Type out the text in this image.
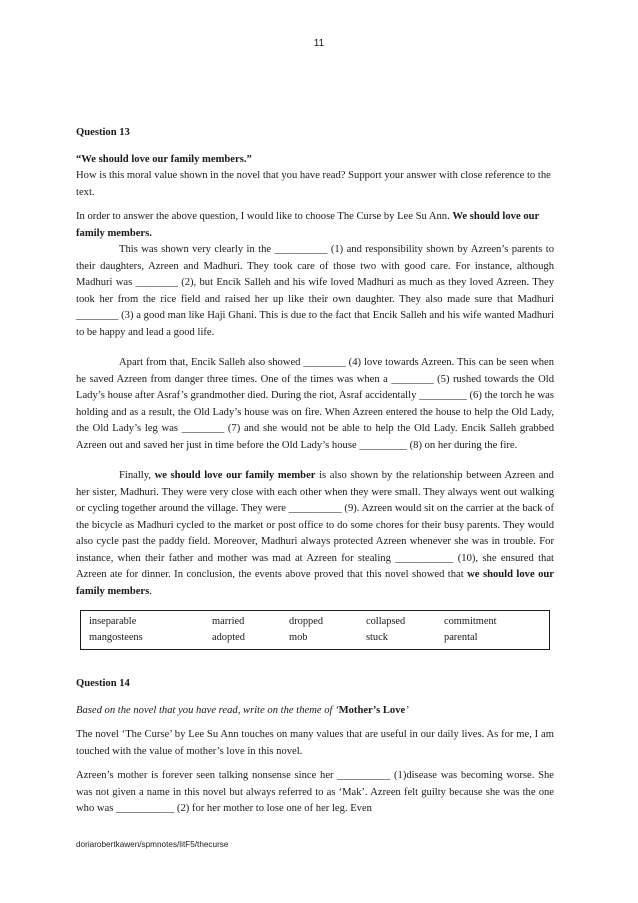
11

Question 13

“We should love our family members.”

How is this moral value shown in the novel that you have read? Support your answer with close reference to the text.

In order to answer the above question, I would like to choose The Curse by Lee Su Ann. We should love our family members.

This was shown very clearly in the __________ (1) and responsibility shown by Azreen’s parents to their daughters, Azreen and Madhuri. They took care of those two with good care. For instance, although Madhuri was ________ (2), but Encik Salleh and his wife loved Madhuri as much as they loved Azreen. They took her from the rice field and raised her up like their own daughter. They also made sure that Madhuri ________ (3) a good man like Haji Ghani. This is due to the fact that Encik Salleh and his wife wanted Madhuri to be happy and lead a good life.

Apart from that, Encik Salleh also showed ________ (4) love towards Azreen. This can be seen when he saved Azreen from danger three times. One of the times was when a ________ (5) rushed towards the Old Lady’s house after Asraf’s grandmother died. During the riot, Asraf accidentally _________ (6) the torch he was holding and as a result, the Old Lady’s house was on fire. When Azreen entered the house to help the Old Lady, the Old Lady’s leg was ________ (7) and she would not be able to help the Old Lady. Encik Salleh grabbed Azreen out and saved her just in time before the Old Lady’s house _________ (8) on her during the fire.

Finally, we should love our family member is also shown by the relationship between Azreen and her sister, Madhuri. They were very close with each other when they were small. They always went out walking or cycling together around the village. They were __________ (9). Azreen would sit on the carrier at the back of the bicycle as Madhuri cycled to the market or post office to do some chores for their busy parents. They would also cycle past the paddy field. Moreover, Madhuri always protected Azreen whenever she was in trouble. For instance, when their father and mother was mad at Azreen for stealing ___________ (10), she ensured that Azreen ate for dinner. In conclusion, the events above proved that this novel showed that we should love our family members.

inseparable	married	dropped	collapsed	commitment
mangosteens	adopted	mob	stuck	parental

Question 14

Based on the novel that you have read, write on the theme of ‘Mother’s Love’

The novel ‘The Curse’ by Lee Su Ann touches on many values that are useful in our daily lives. As for me, I am touched with the value of mother’s love in this novel.

Azreen’s mother is forever seen talking nonsense since her __________ (1)disease was becoming worse. She was not given a name in this novel but always referred to as ‘Mak’. Azreen felt guilty because she was the one who was ___________ (2) for her mother to lose one of her leg. Even

doriarobertkawen/spmnotes/litF5/thecurse
